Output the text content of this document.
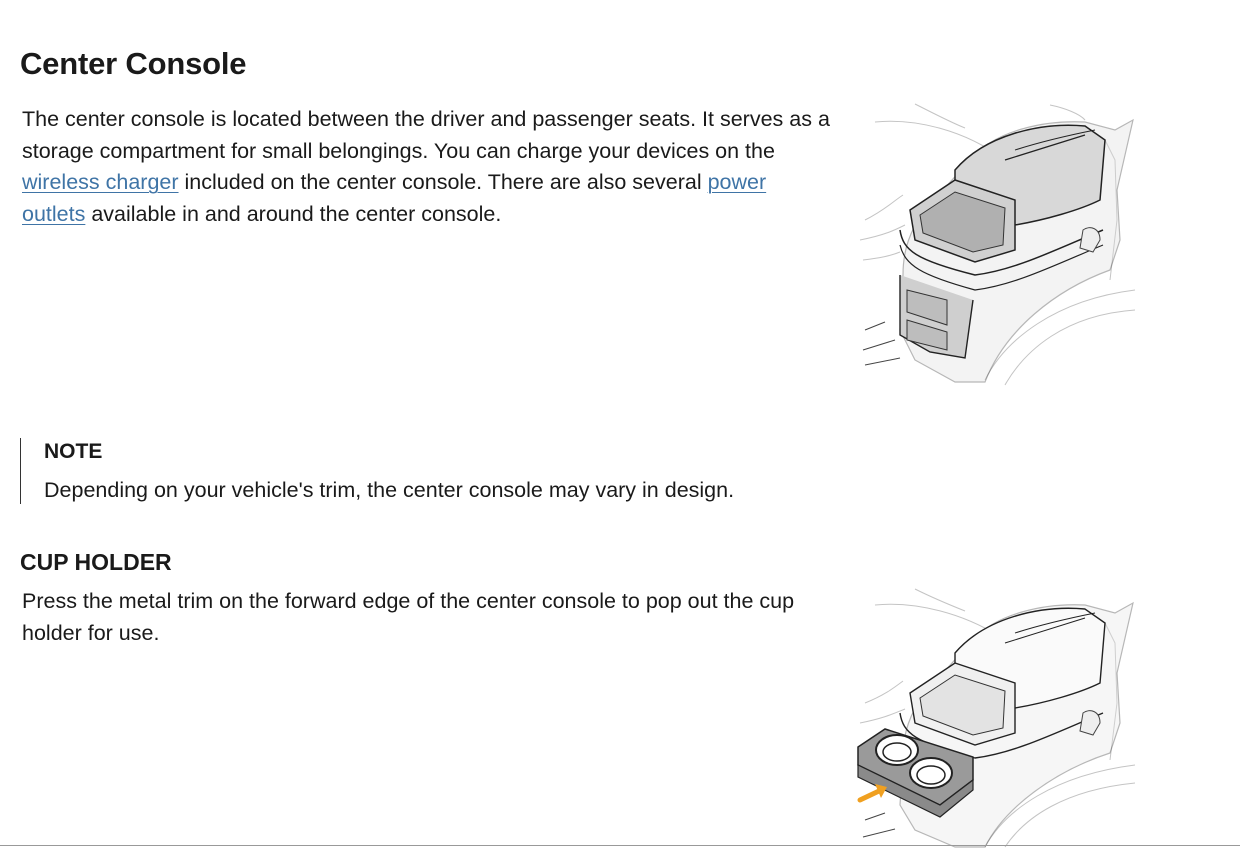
Center Console

The center console is located between the driver and passenger seats. It serves as a storage compartment for small belongings. You can charge your devices on the wireless charger included on the center console. There are also several power outlets available in and around the center console.

NOTE

Depending on your vehicle's trim, the center console may vary in design.

CUP HOLDER

Press the metal trim on the forward edge of the center console to pop out the cup holder for use.
